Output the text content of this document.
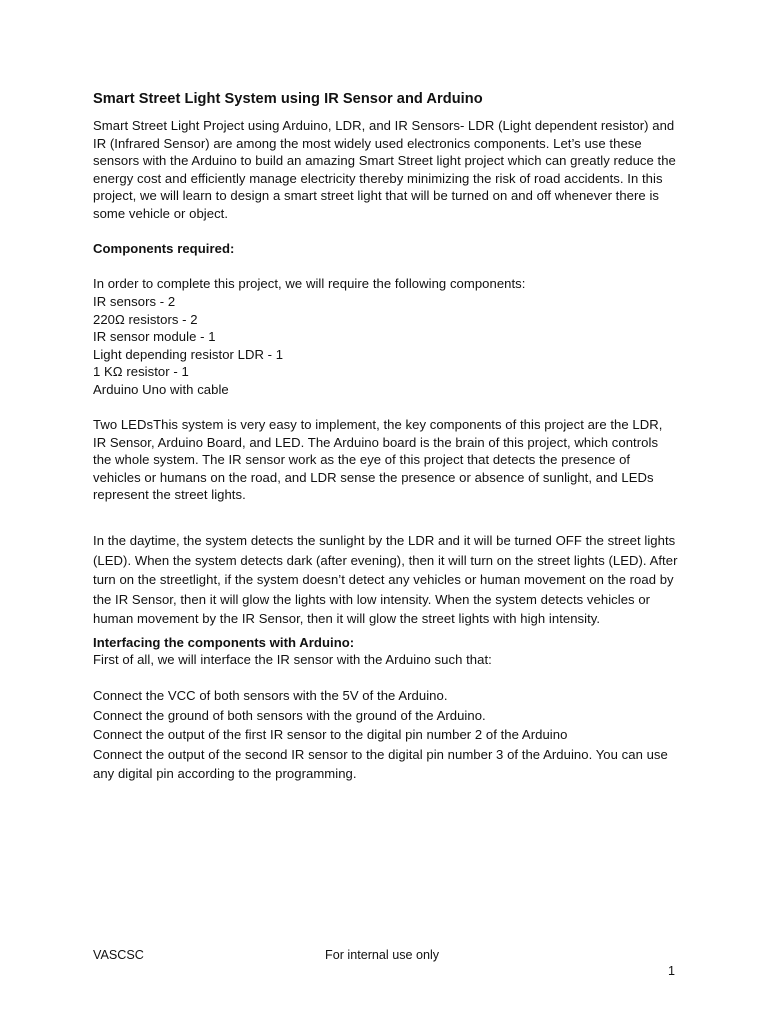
Smart Street Light System using IR Sensor and Arduino

Smart Street Light Project using Arduino, LDR, and IR Sensors- LDR (Light dependent resistor) and IR (Infrared Sensor) are among the most widely used electronics components. Let’s use these sensors with the Arduino to build an amazing Smart Street light project which can greatly reduce the energy cost and efficiently manage electricity thereby minimizing the risk of road accidents. In this project, we will learn to design a smart street light that will be turned on and off whenever there is some vehicle or object.

Components required:

In order to complete this project, we will require the following components:

IR sensors - 2
220Ω resistors - 2
IR sensor module - 1
Light depending resistor LDR - 1
1 KΩ resistor - 1
Arduino Uno with cable

Two LEDsThis system is very easy to implement, the key components of this project are the LDR, IR Sensor, Arduino Board, and LED. The Arduino board is the brain of this project, which controls the whole system. The IR sensor work as the eye of this project that detects the presence of vehicles or humans on the road, and LDR sense the presence or absence of sunlight, and LEDs represent the street lights.

In the daytime, the system detects the sunlight by the LDR and it will be turned OFF the street lights (LED). When the system detects dark (after evening), then it will turn on the street lights (LED). After turn on the streetlight, if the system doesn’t detect any vehicles or human movement on the road by the IR Sensor, then it will glow the lights with low intensity. When the system detects vehicles or human movement by the IR Sensor, then it will glow the street lights with high intensity.

Interfacing the components with Arduino:

First of all, we will interface the IR sensor with the Arduino such that:

Connect the VCC of both sensors with the 5V of the Arduino.
Connect the ground of both sensors with the ground of the Arduino.
Connect the output of the first IR sensor to the digital pin number 2 of the Arduino
Connect the output of the second IR sensor to the digital pin number 3 of the Arduino. You can use any digital pin according to the programming.
VASCSC	For internal use only
1
